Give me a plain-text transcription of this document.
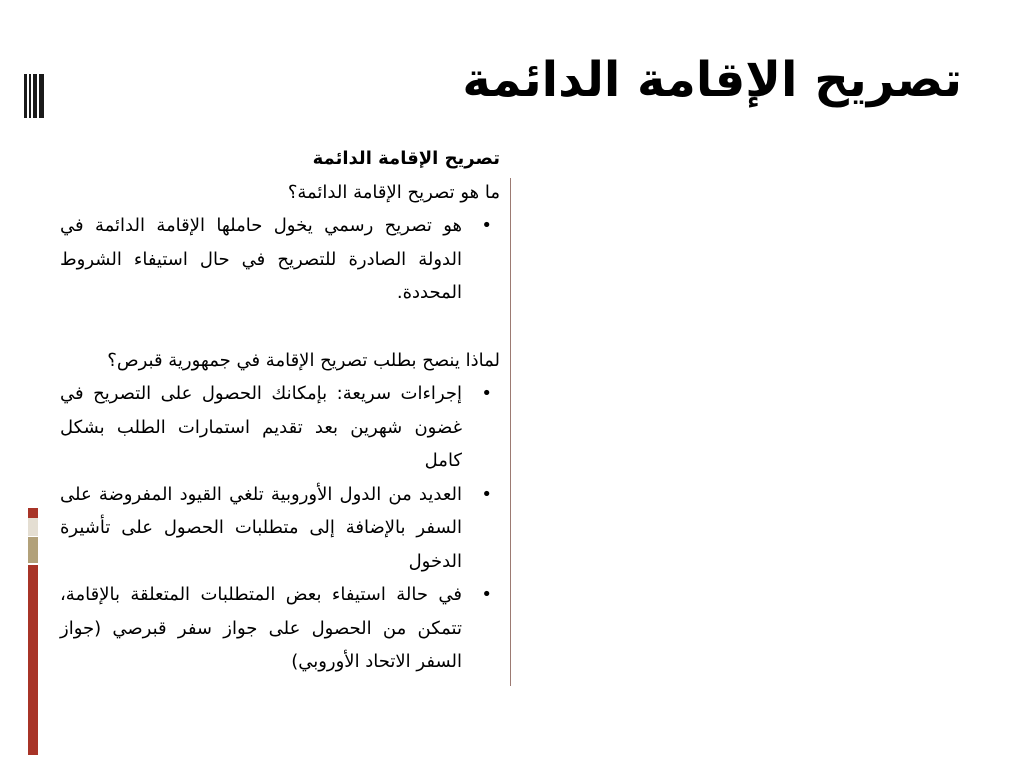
تصريح الإقامة الدائمة

تصريح الإقامة الدائمة

ما هو تصريح الإقامة الدائمة؟

•
هو تصريح رسمي يخول حاملها الإقامة الدائمة في الدولة الصادرة للتصريح في حال استيفاء الشروط المحددة.

لماذا ينصح بطلب تصريح الإقامة في جمهورية قبرص؟

•
إجراءات سريعة: بإمكانك الحصول على التصريح في غضون شهرين بعد تقديم استمارات الطلب بشكل كامل
•
العديد من الدول الأوروبية تلغي القيود المفروضة على السفر بالإضافة إلى متطلبات الحصول على تأشيرة الدخول
•
في حالة استيفاء بعض المتطلبات المتعلقة بالإقامة، تتمكن من الحصول على جواز سفر قبرصي (جواز السفر الاتحاد الأوروبي)
